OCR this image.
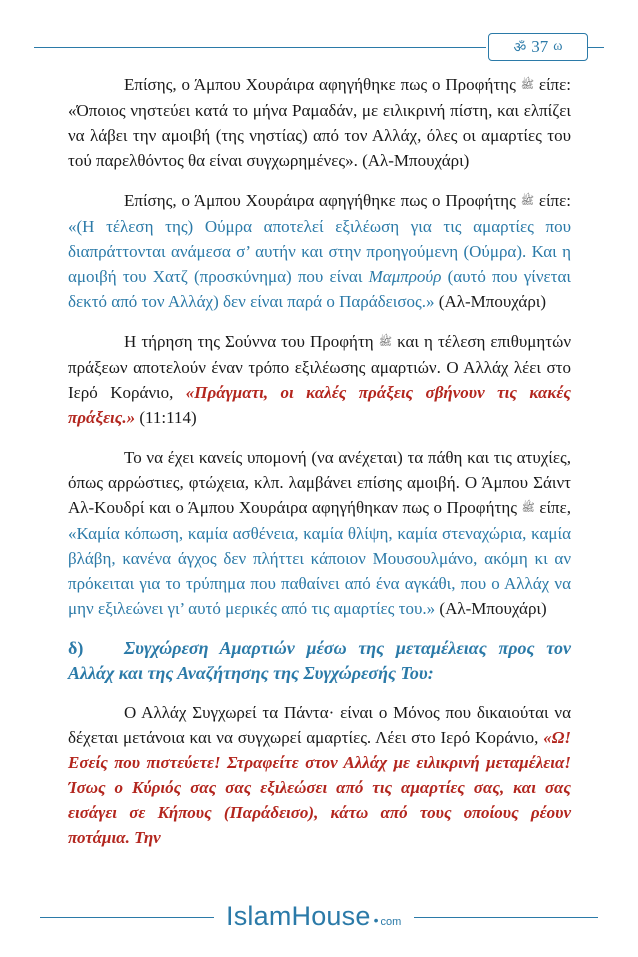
ॐ 37 ω

Επίσης, ο Άμπου Χουράιρα αφηγήθηκε πως ο Προφήτης ﷺ είπε: «Όποιος νηστεύει κατά το μήνα Ραμαδάν, με ειλικρινή πίστη, και ελπίζει να λάβει την αμοιβή (της νηστίας) από τον Αλλάχ, όλες οι αμαρτίες του τού παρελθόντος θα είναι συγχωρημένες». (Αλ-Μπουχάρι)

Επίσης, ο Άμπου Χουράιρα αφηγήθηκε πως ο Προφήτης ﷺ είπε: «(Η τέλεση της) Ούμρα αποτελεί εξιλέωση για τις αμαρτίες που διαπράττονται ανάμεσα σ’ αυτήν και στην προηγούμενη (Ούμρα). Και η αμοιβή του Χατζ (προσκύνημα) που είναι Μαμπρούρ (αυτό που γίνεται δεκτό από τον Αλλάχ) δεν είναι παρά ο Παράδεισος.» (Αλ-Μπουχάρι)

Η τήρηση της Σούννα του Προφήτη ﷺ και η τέλεση επιθυμητών πράξεων αποτελούν έναν τρόπο εξιλέωσης αμαρτιών. Ο Αλλάχ λέει στο Ιερό Κοράνιο, «Πράγματι, οι καλές πράξεις σβήνουν τις κακές πράξεις.» (11:114)

Το να έχει κανείς υπομονή (να ανέχεται) τα πάθη και τις ατυχίες, όπως αρρώστιες, φτώχεια, κλπ. λαμβάνει επίσης αμοιβή. Ο Άμπου Σάιντ Αλ-Κουδρί και ο Άμπου Χουράιρα αφηγήθηκαν πως ο Προφήτης ﷺ είπε, «Καμία κόπωση, καμία ασθένεια, καμία θλίψη, καμία στεναχώρια, καμία βλάβη, κανένα άγχος δεν πλήττει κάποιον Μουσουλμάνο, ακόμη κι αν πρόκειται για το τρύπημα που παθαίνει από ένα αγκάθι, που ο Αλλάχ να μην εξιλεώνει γι’ αυτό μερικές από τις αμαρτίες του.» (Αλ-Μπουχάρι)

δ) Συγχώρεση Αμαρτιών μέσω της μεταμέλειας προς τον Αλλάχ και της Αναζήτησης της Συγχώρεσής Του:

Ο Αλλάχ Συγχωρεί τα Πάντα· είναι ο Μόνος που δικαιούται να δέχεται μετάνοια και να συγχωρεί αμαρτίες. Λέει στο Ιερό Κοράνιο, «Ω! Εσείς που πιστεύετε! Στραφείτε στον Αλλάχ με ειλικρινή μεταμέλεια! Ίσως ο Κύριός σας σας εξιλεώσει από τις αμαρτίες σας, και σας εισάγει σε Κήπους (Παράδεισο), κάτω από τους οποίους ρέουν ποτάμια. Την

IslamHouse • com
